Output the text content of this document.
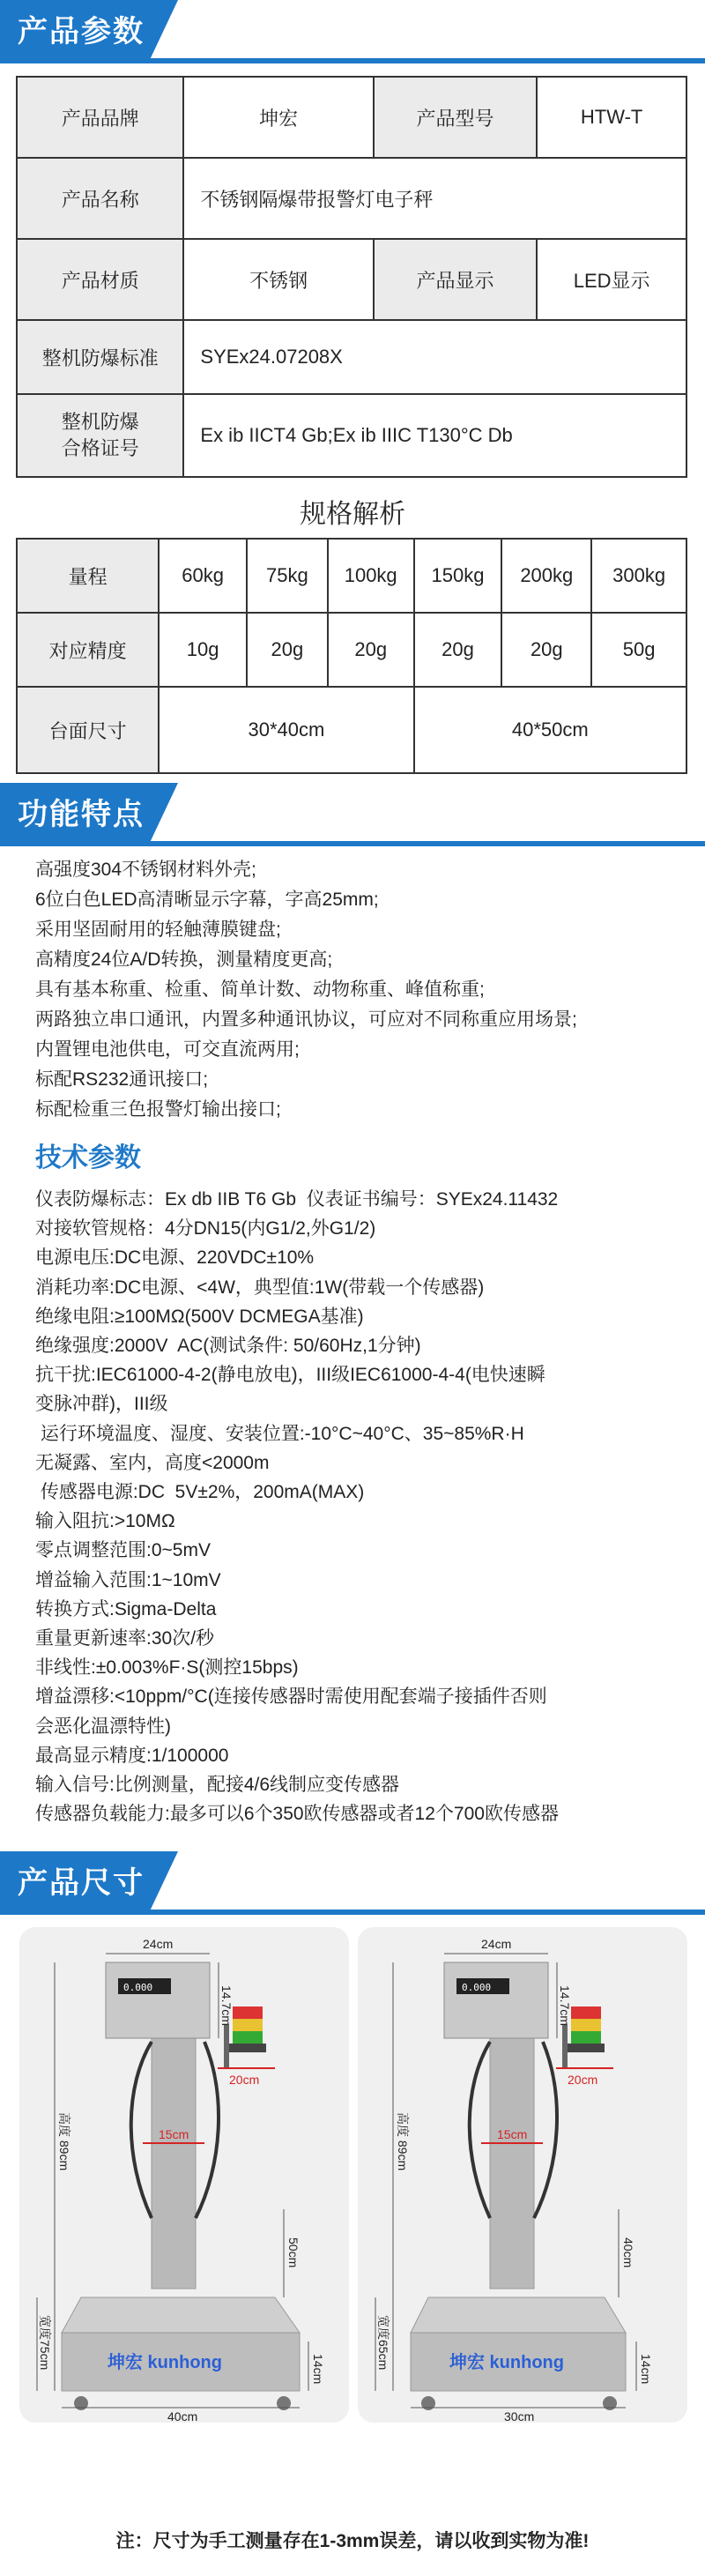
产品参数
产品品牌	坤宏	产品型号	HTW-T
产品名称	不锈钢隔爆带报警灯电子秤		
产品材质	不锈钢	产品显示	LED显示
整机防爆标准	SYEx24.07208X		

整机防爆
合格证号	Ex ib IICT4 Gb;Ex ib IIIC T130°C Db		
规格解析
量程	60kg	75kg	100kg	150kg	200kg	300kg
对应精度	10g	20g	20g	20g	20g	50g
台面尺寸	30*40cm			40*50cm		
功能特点
高强度304不锈钢材料外壳;
6位白色LED高清晰显示字幕，字高25mm;
采用坚固耐用的轻触薄膜键盘;
高精度24位A/D转换，测量精度更高;
具有基本称重、检重、简单计数、动物称重、峰值称重;
两路独立串口通讯，内置多种通讯协议，可应对不同称重应用场景;
内置锂电池供电，可交直流两用;
标配RS232通讯接口;
标配检重三色报警灯输出接口;
技术参数
仪表防爆标志：Ex db IIB T6 Gb  仪表证书编号：SYEx24.11432
对接软管规格：4分DN15(内G1/2,外G1/2)
电源电压:DC电源、220VDC±10%
消耗功率:DC电源、<4W，典型值:1W(带载一个传感器)
绝缘电阻:≥100MΩ(500V DCMEGA基准)
绝缘强度:2000V  AC(测试条件: 50/60Hz,1分钟)
抗干扰:IEC61000-4-2(静电放电)，III级IEC61000-4-4(电快速瞬
变脉冲群)，III级
运行环境温度、湿度、安装位置:-10°C~40°C、35~85%R·H
无凝露、室内，高度<2000m
传感器电源:DC  5V±2%，200mA(MAX)
输入阻抗:>10MΩ
零点调整范围:0~5mV
增益输入范围:1~10mV
转换方式:Sigma-Delta
重量更新速率:30次/秒
非线性:±0.003%F·S(测控15bps)
增益漂移:<10ppm/°C(连接传感器时需使用配套端子接插件否则
会恶化温漂特性)
最高显示精度:1/100000
输入信号:比例测量，配接4/6线制应变传感器
传感器负载能力:最多可以6个350欧传感器或者12个700欧传感器
产品尺寸
0.000
24cm
14.7cm
20cm
高度 89cm	15cm
50cm
宽度75cm	14cm
40cm
坤宏 kunhong
0.000
24cm
14.7cm
20cm
高度 89cm	15cm
40cm
宽度65cm	14cm
30cm
坤宏 kunhong
注：尺寸为手工测量存在1-3mm误差，请以收到实物为准!
